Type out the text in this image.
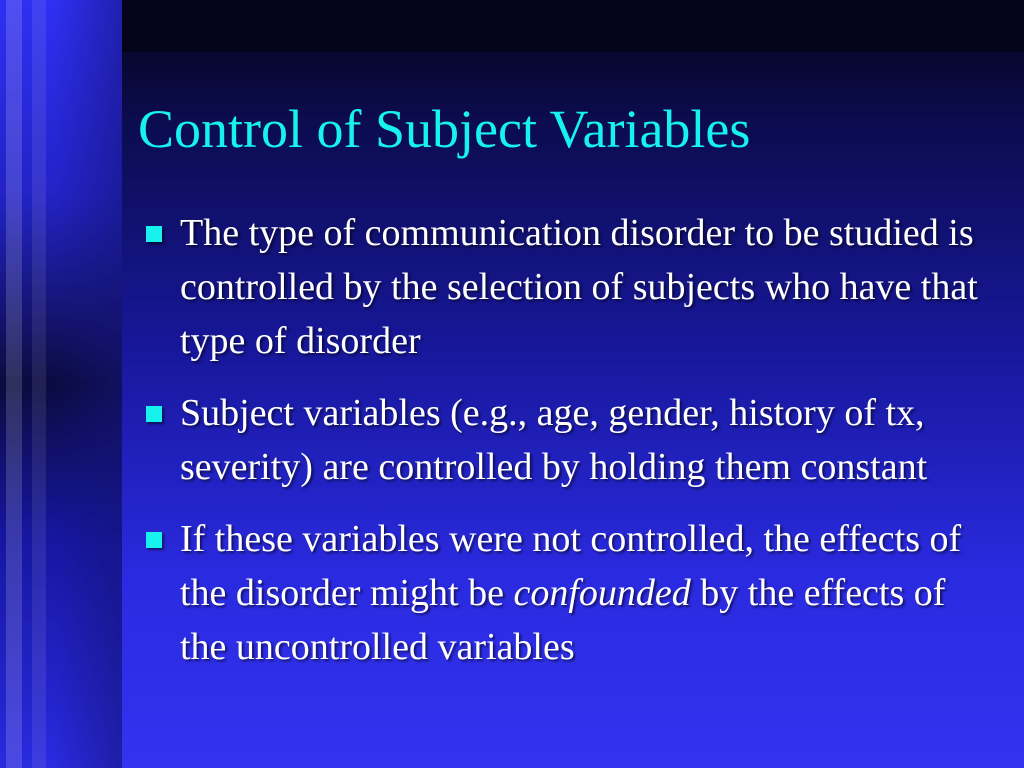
Control of Subject Variables
The type of communication disorder to be studied is controlled by the selection of subjects who have that type of disorder
Subject variables (e.g., age, gender, history of tx, severity) are controlled by holding them constant
If these variables were not controlled, the effects of the disorder might be confounded by the effects of the uncontrolled variables
